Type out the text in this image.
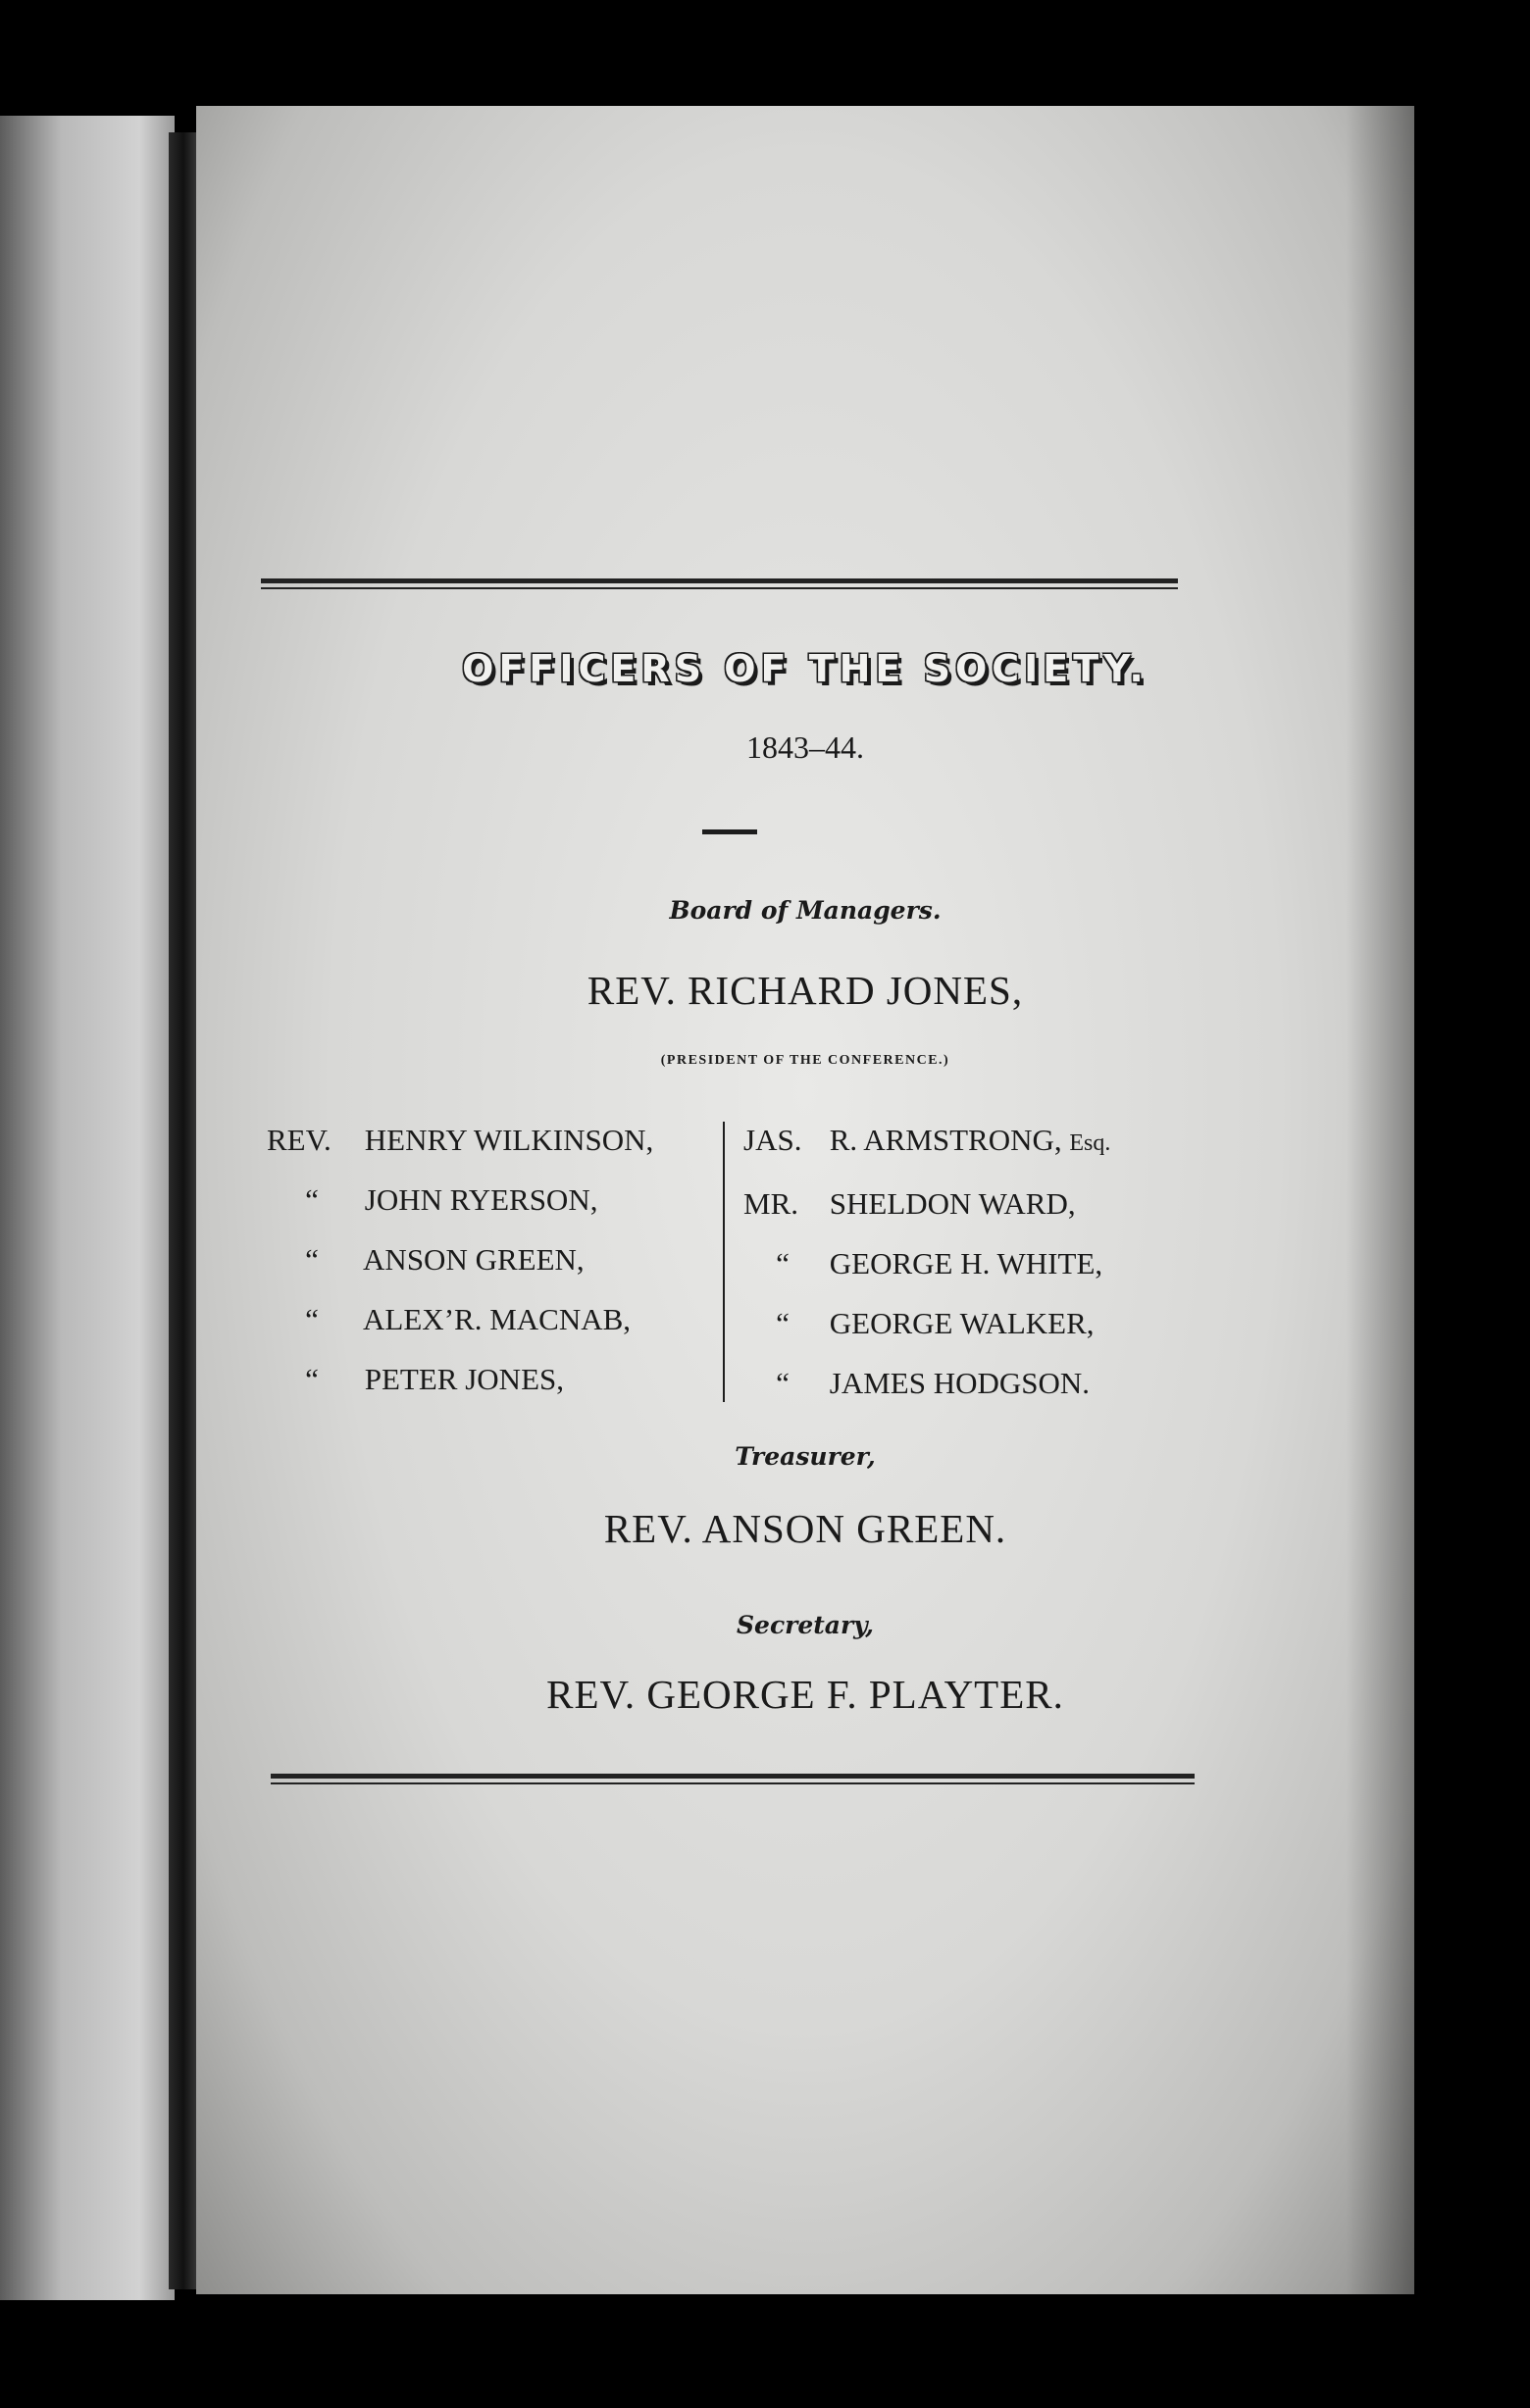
OFFICERS OF THE SOCIETY.
1843–44.
Board of Managers.
REV. RICHARD JONES,
(PRESIDENT OF THE CONFERENCE.)
REV. HENRY WILKINSON,
“ JOHN RYERSON,
“ ANSON GREEN,
“ ALEX’R. MACNAB,
“ PETER JONES,
JAS. R. ARMSTRONG, Esq.
MR. SHELDON WARD,
“ GEORGE H. WHITE,
“ GEORGE WALKER,
“ JAMES HODGSON.
Treasurer,
REV. ANSON GREEN.
Secretary,
REV. GEORGE F. PLAYTER.
